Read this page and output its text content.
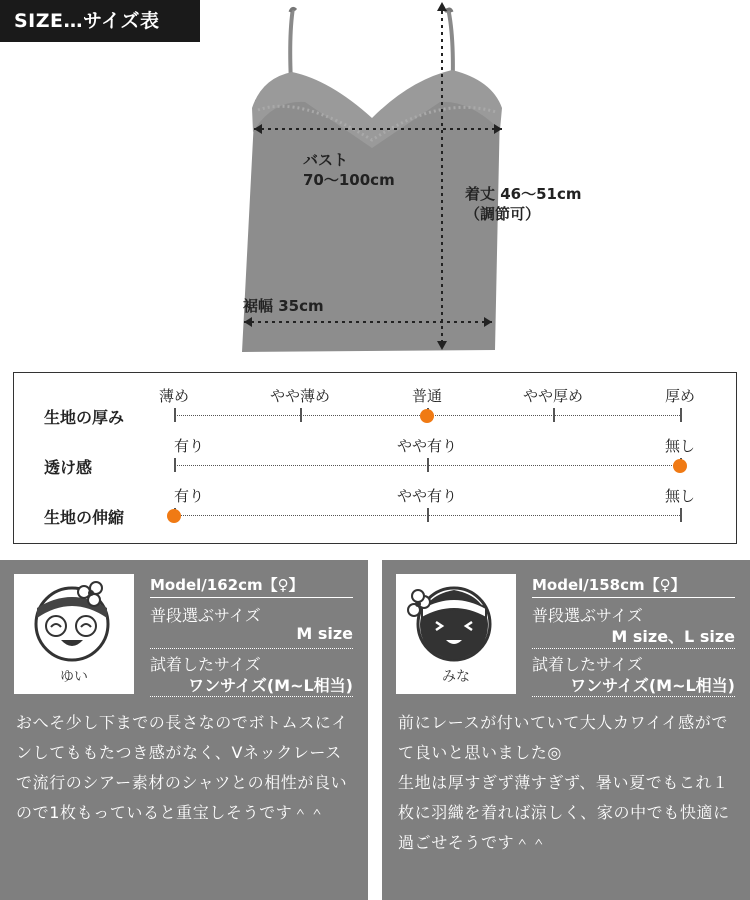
SIZE…サイズ表
バスト
70〜100cm
着丈 46〜51cm
（調節可）
裾幅 35cm
生地の厚み
薄め	やや薄め	普通	やや厚め	厚め
透け感
有り	やや有り	無し
生地の伸縮
有り	やや有り	無し
ゆい
Model/162cm【♀】
普段選ぶサイズ
M size
試着したサイズ
ワンサイズ(M~L相当)
おへそ少し下までの長さなのでボトムスにインしてももたつき感がなく、Vネックレースで流行のシアー素材のシャツとの相性が良いので1枚もっていると重宝しそうです＾＾
みな
Model/158cm【♀】
普段選ぶサイズ
M size、L size
試着したサイズ
ワンサイズ(M~L相当)
前にレースが付いていて大人カワイイ感がでて良いと思いました◎
生地は厚すぎず薄すぎず、暑い夏でもこれ１枚に羽織を着れば涼しく、家の中でも快適に過ごせそうです＾＾
